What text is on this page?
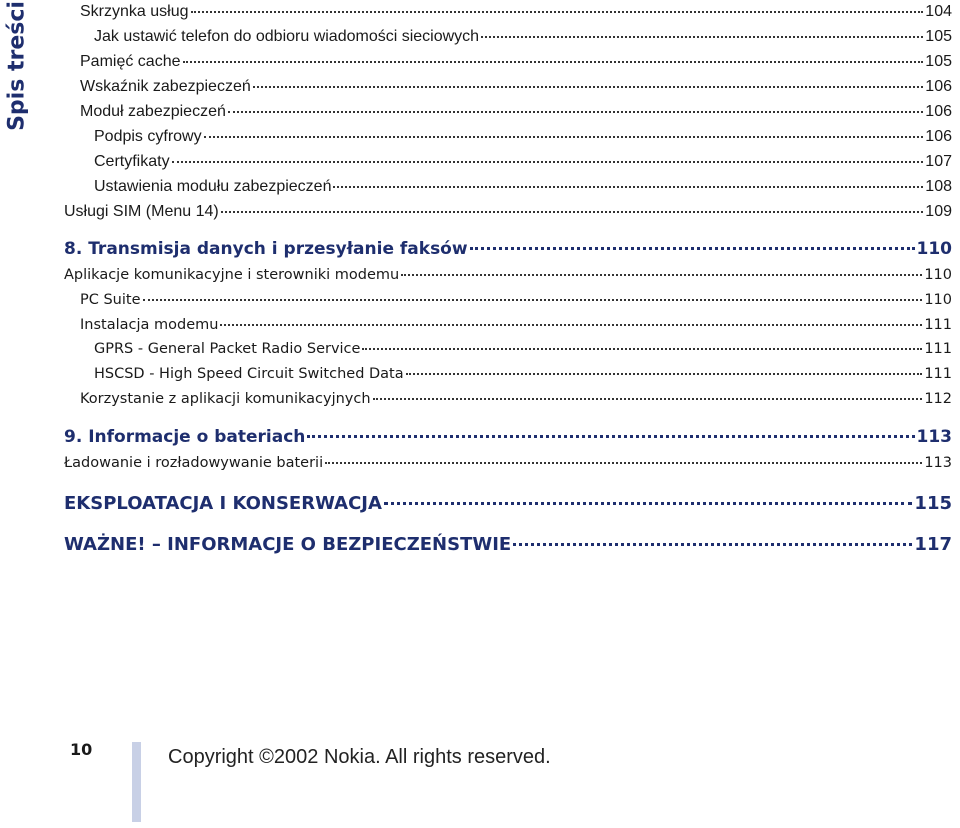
Spis treści	Skrzynka usług	104
Jak ustawić telefon do odbioru wiadomości sieciowych	105
Pamięć cache	105
Wskaźnik zabezpieczeń	106
Moduł zabezpieczeń	106
Podpis cyfrowy	106
Certyfikaty	107
Ustawienia modułu zabezpieczeń	108
Usługi SIM (Menu 14)	109
8. Transmisja danych i przesyłanie faksów	110
Aplikacje komunikacyjne i sterowniki modemu	110
PC Suite	110
Instalacja modemu	111
GPRS - General Packet Radio Service	111
HSCSD - High Speed Circuit Switched Data	111
Korzystanie z aplikacji komunikacyjnych	112
9. Informacje o bateriach	113
Ładowanie i rozładowywanie baterii	113
EKSPLOATACJA I KONSERWACJA	115
WAŻNE! – INFORMACJE O BEZPIECZEŃSTWIE	117
10	Copyright ©2002 Nokia. All rights reserved.
